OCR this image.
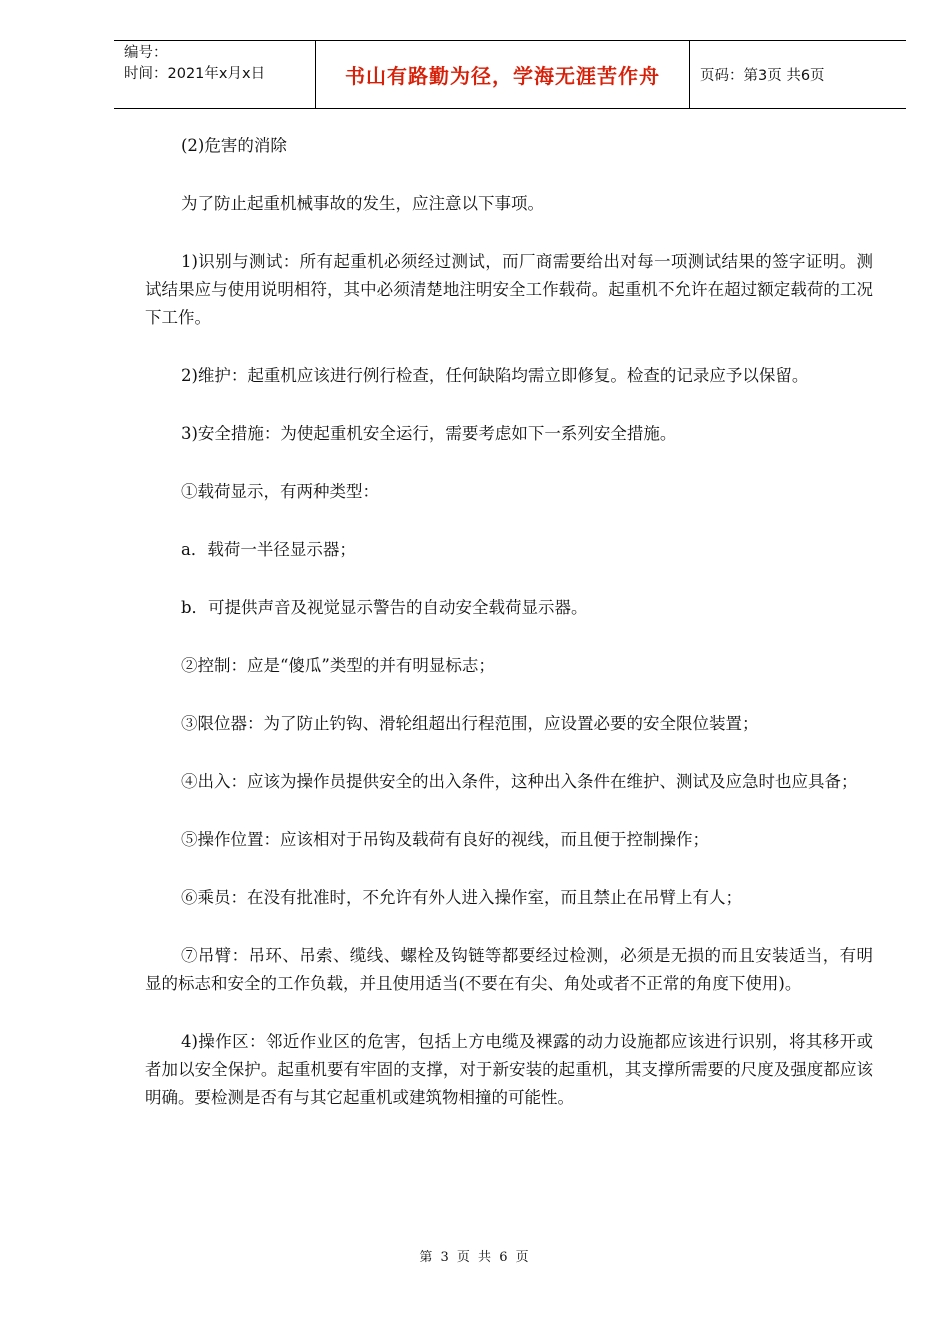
编号：
时间：2021年x月x日	书山有路勤为径，学海无涯苦作舟	页码：第3页 共6页

(2)危害的消除

为了防止起重机械事故的发生，应注意以下事项。

1)识别与测试：所有起重机必须经过测试，而厂商需要给出对每一项测试结果的签字证明。测试结果应与使用说明相符，其中必须清楚地注明安全工作载荷。起重机不允许在超过额定载荷的工况下工作。

2)维护：起重机应该进行例行检查，任何缺陷均需立即修复。检查的记录应予以保留。

3)安全措施：为使起重机安全运行，需要考虑如下一系列安全措施。

①载荷显示，有两种类型：

a．载荷一半径显示器；

b．可提供声音及视觉显示警告的自动安全载荷显示器。

②控制：应是“傻瓜”类型的并有明显标志；

③限位器：为了防止钓钩、滑轮组超出行程范围，应设置必要的安全限位装置；

④出入：应该为操作员提供安全的出入条件，这种出入条件在维护、测试及应急时也应具备；

⑤操作位置：应该相对于吊钩及载荷有良好的视线，而且便于控制操作；

⑥乘员：在没有批准时，不允许有外人进入操作室，而且禁止在吊臂上有人；

⑦吊臂：吊环、吊索、缆线、螺栓及钩链等都要经过检测，必须是无损的而且安装适当，有明显的标志和安全的工作负载，并且使用适当(不要在有尖、角处或者不正常的角度下使用)。

4)操作区：邻近作业区的危害，包括上方电缆及裸露的动力设施都应该进行识别，将其移开或者加以安全保护。起重机要有牢固的支撑，对于新安装的起重机，其支撑所需要的尺度及强度都应该明确。要检测是否有与其它起重机或建筑物相撞的可能性。

第 3 页 共 6 页
